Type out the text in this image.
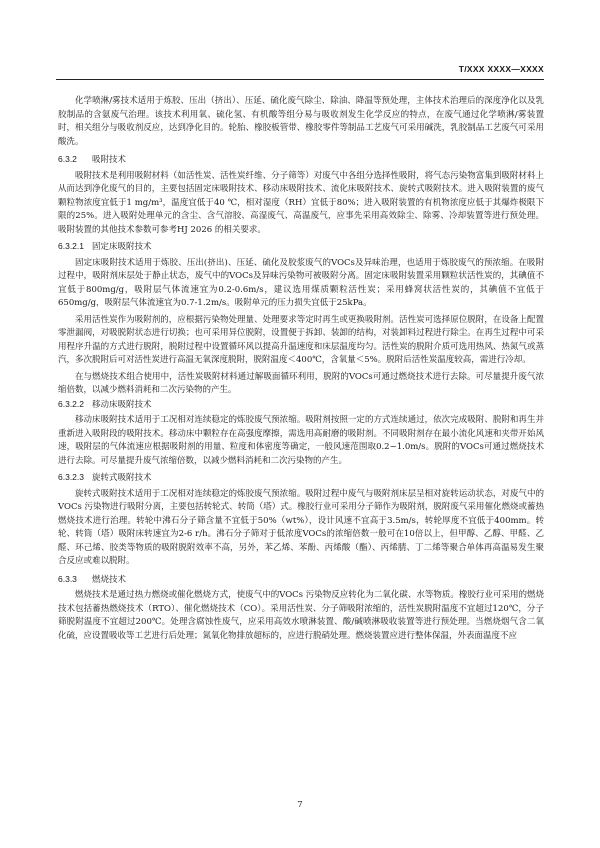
T/XXX XXXX—XXXX

化学喷淋/雾技术适用于炼胶、压出（挤出）、压延、硫化废气除尘、除油、降温等预处理，主体技术治理后的深度净化以及乳胶制品的含氨废气治理。该技术利用氧、硫化氢、有机酸等组分易与吸收剂发生化学反应的特点，在废气通过化学喷淋/雾装置时，相关组分与吸收剂反应，达到净化目的。轮胎、橡胶板管带、橡胶零件等制品工艺废气可采用碱洗，乳胶制品工艺废气可采用酸洗。

6.3.2 吸附技术

吸附技术是利用吸附材料（如活性炭、活性炭纤维、分子筛等）对废气中各组分选择性吸附，将气态污染物富集到吸附材料上从而达到净化废气的目的，主要包括固定床吸附技术、移动床吸附技术、流化床吸附技术、旋转式吸附技术。进入吸附装置的废气颗粒物浓度宜低于1 mg/m³，温度宜低于40 ℃，相对湿度（RH）宜低于80%；进入吸附装置的有机物浓度应低于其爆炸极限下限的25%。进入吸附处理单元的含尘、含气溶胶、高湿废气、高温废气，应事先采用高效除尘、除雾、冷却装置等进行预处理。吸附装置的其他技术参数可参考HJ 2026 的相关要求。

6.3.2.1 固定床吸附技术

固定床吸附技术适用于炼胶、压出(挤出)、压延、硫化及胶浆废气的VOCs及异味治理，也适用于炼胶废气的预浓缩。在吸附过程中，吸附剂床层处于静止状态，废气中的VOCs及异味污染物可被吸附分离。固定床吸附装置采用颗粒状活性炭的，其碘值不宜低于800mg/g，吸附层气体流速宜为0.2-0.6m/s，建议选用煤质颗粒活性炭；采用蜂窝状活性炭的，其碘值不宜低于650mg/g，吸附层气体流速宜为0.7-1.2m/s。吸附单元的压力损失宜低于25kPa。

采用活性炭作为吸附剂的，应根据污染物处理量、处理要求等定时再生或更换吸附剂。活性炭可选择原位脱附，在设备上配置零泄漏阀，对吸脱附状态进行切换；也可采用异位脱附，设置便于拆卸、装卸的结构，对装卸料过程进行除尘。在再生过程中可采用程序升温的方式进行脱附，脱附过程中设置循环风以提高升温速度和床层温度均匀。活性炭的脱附介质可选用热风、热氮气或蒸汽，多次脱附后可对活性炭进行高温无氧深度脱附，脱附温度＜400℃，含氧量＜5%。脱附后活性炭温度较高，需进行冷却。

在与燃烧技术组合使用中，活性炭吸附材料通过解吸面循环利用，脱附的VOCs可通过燃烧技术进行去除。可尽量提升废气浓缩倍数，以减少燃料消耗和二次污染物的产生。

6.3.2.2 移动床吸附技术

移动床吸附技术适用于工况相对连续稳定的炼胶废气预浓缩。吸附剂按照一定的方式连续通过，依次完成吸附、脱附和再生并重新进入吸附段的吸附技术。移动床中颗粒存在高强度摩擦，需选用高耐磨的吸附剂。不同吸附剂存在最小流化风速和夹带开始风速，吸附层的气体流速应根据吸附剂的用量、粒度和体密度等确定，一般风速范围取0.2~1.0m/s。脱附的VOCs可通过燃烧技术进行去除。可尽量提升废气浓缩倍数，以减少燃料消耗和二次污染物的产生。

6.3.2.3 旋转式吸附技术

旋转式吸附技术适用于工况相对连续稳定的炼胶废气预浓缩。吸附过程中废气与吸附剂床层呈相对旋转运动状态，对废气中的VOCs 污染物进行吸附分离，主要包括转轮式、转筒（塔）式。橡胶行业可采用分子筛作为吸附剂，脱附废气采用催化燃烧或蓄热燃烧技术进行治理。转轮中沸石分子筛含量不宜低于50%（wt%），设计风速不宜高于3.5m/s，转轮厚度不宜低于400mm。转轮、转筒（塔）吸附床转速宜为2-6 r/h。沸石分子筛对于低浓度VOCs的浓缩倍数一般可在10倍以上，但甲醇、乙醇、甲醛、乙醛、环己烯、胶类等物质的吸附脱附效率不高，另外，苯乙烯、苯酚、丙烯酸（酯）、丙烯腈、丁二烯等聚合单体再高温易发生聚合反应或难以脱附。

6.3.3 燃烧技术

燃烧技术是通过热力燃烧或催化燃烧方式，使废气中的VOCs 污染物反应转化为二氧化碳、水等物质。橡胶行业可采用的燃烧技术包括蓄热燃烧技术（RTO）、催化燃烧技术（CO）。采用活性炭、分子筛吸附浓缩的，活性炭脱附温度不宜超过120℃，分子筛脱附温度不宜超过200℃。处理含腐蚀性废气，应采用高效水喷淋装置、酸/碱喷淋吸收装置等进行预处理。当燃烧烟气含二氧化硫，应设置吸收等工艺进行后处理；氮氧化物排放超标的，应进行脱硝处理。燃烧装置应进行整体保温，外表面温度不应

7
